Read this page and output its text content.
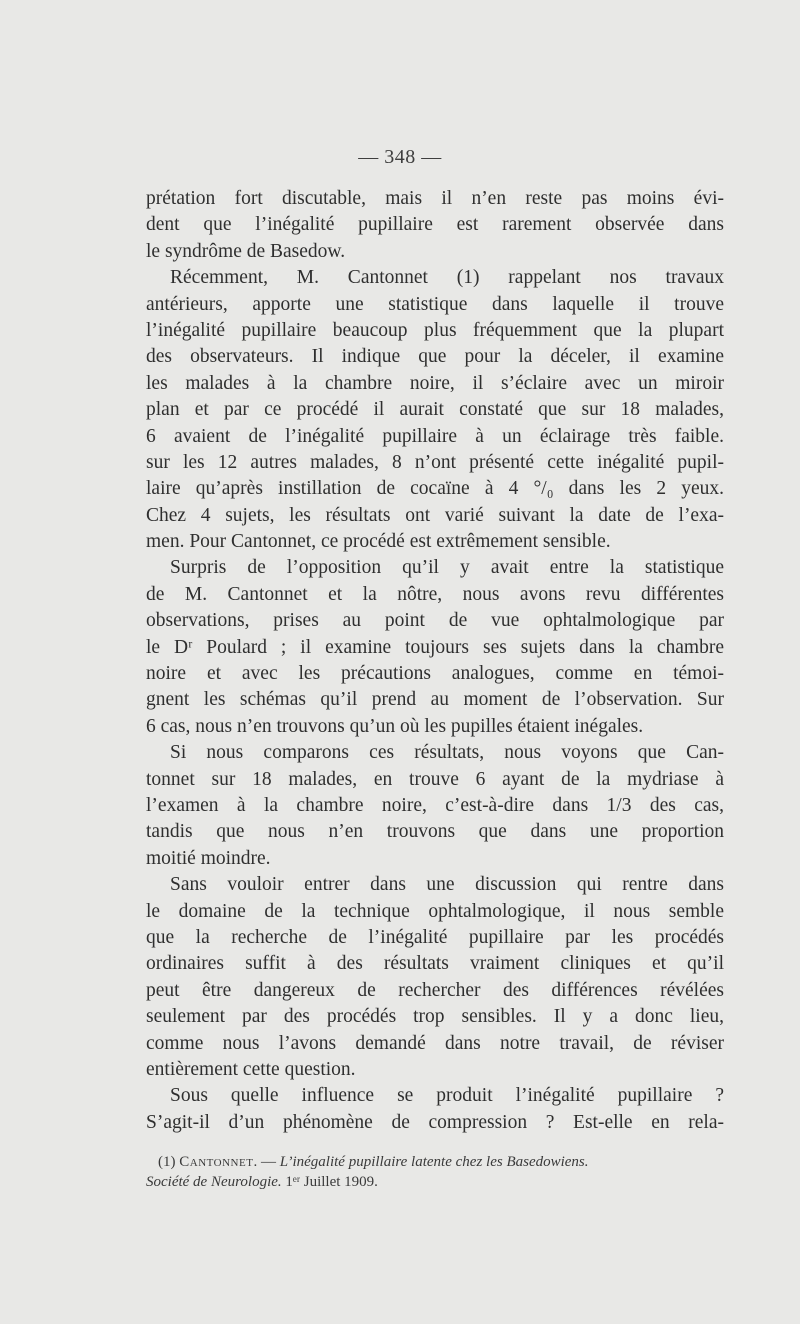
— 348 —
prétation fort discutable, mais il n’en reste pas moins évi-
dent que l’inégalité pupillaire est rarement observée dans
le syndrôme de Basedow.
Récemment, M. Cantonnet (1) rappelant nos travaux
antérieurs, apporte une statistique dans laquelle il trouve
l’inégalité pupillaire beaucoup plus fréquemment que la plupart
des observateurs. Il indique que pour la déceler, il examine
les malades à la chambre noire, il s’éclaire avec un miroir
plan et par ce procédé il aurait constaté que sur 18 malades,
6 avaient de l’inégalité pupillaire à un éclairage très faible.
sur les 12 autres malades, 8 n’ont présenté cette inégalité pupil-
laire qu’après instillation de cocaïne à 4 °/₀ dans les 2 yeux.
Chez 4 sujets, les résultats ont varié suivant la date de l’exa-
men. Pour Cantonnet, ce procédé est extrêmement sensible.
Surpris de l’opposition qu’il y avait entre la statistique
de M. Cantonnet et la nôtre, nous avons revu différentes
observations, prises au point de vue ophtalmologique par
le Dʳ Poulard ; il examine toujours ses sujets dans la chambre
noire et avec les précautions analogues, comme en témoi-
gnent les schémas qu’il prend au moment de l’observation. Sur
6 cas, nous n’en trouvons qu’un où les pupilles étaient inégales.
Si nous comparons ces résultats, nous voyons que Can-
tonnet sur 18 malades, en trouve 6 ayant de la mydriase à
l’examen à la chambre noire, c’est-à-dire dans 1/3 des cas,
tandis que nous n’en trouvons que dans une proportion
moitié moindre.
Sans vouloir entrer dans une discussion qui rentre dans
le domaine de la technique ophtalmologique, il nous semble
que la recherche de l’inégalité pupillaire par les procédés
ordinaires suffit à des résultats vraiment cliniques et qu’il
peut être dangereux de rechercher des différences révélées
seulement par des procédés trop sensibles. Il y a donc lieu,
comme nous l’avons demandé dans notre travail, de réviser
entièrement cette question.
Sous quelle influence se produit l’inégalité pupillaire ?
S’agit-il d’un phénomène de compression ? Est-elle en rela-
(1) Cantonnet. — L’inégalité pupillaire latente chez les Basedowiens.
Société de Neurologie. 1ᵉʳ Juillet 1909.
